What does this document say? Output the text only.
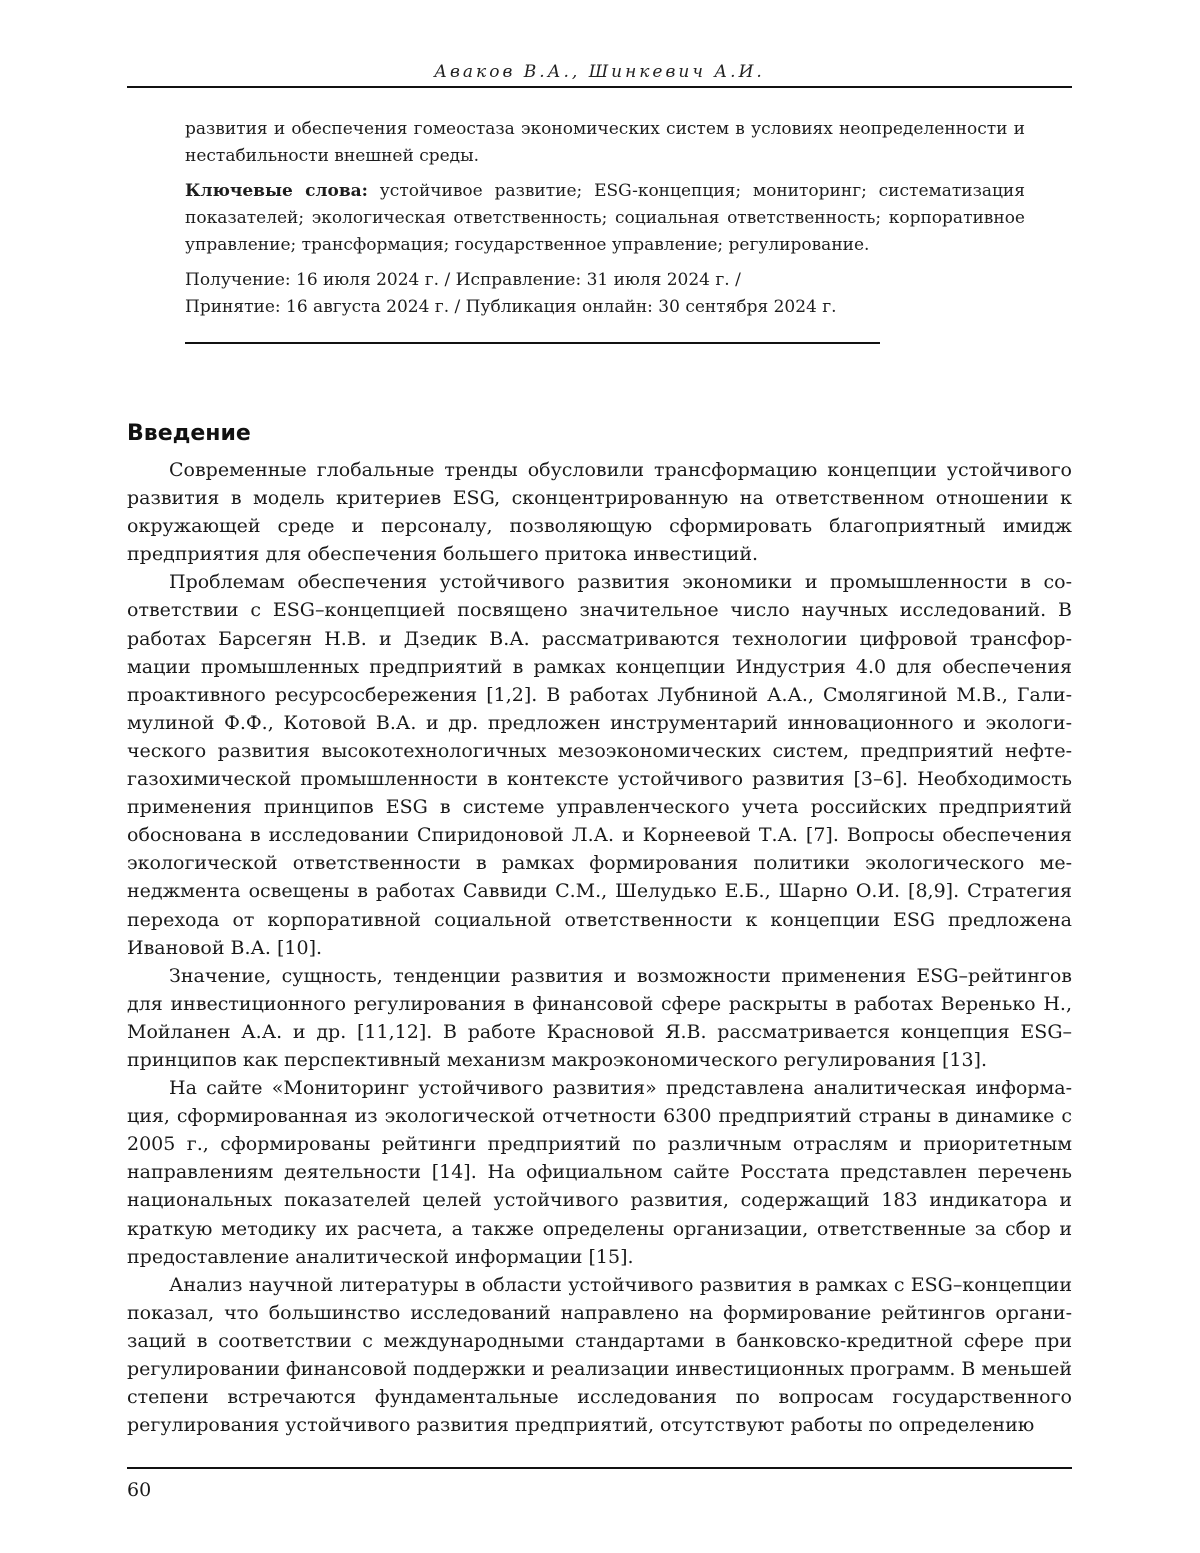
Аваков В.А., Шинкевич А.И.

развития и обеспечения гомеостаза экономических систем в условиях неопределенности и нестабильности внешней среды.

Ключевые слова: устойчивое развитие; ESG-концепция; мониторинг; систематизация показателей; экологическая ответственность; социальная ответственность; корпоративное управление; трансформация; государственное управление; регулирование.

Получение: 16 июля 2024 г. / Исправление: 31 июля 2024 г. /
Принятие: 16 августа 2024 г. / Публикация онлайн: 30 сентября 2024 г.

Введение

Современные глобальные тренды обусловили трансформацию концепции устойчивого развития в модель критериев ESG, сконцентрированную на ответственном отношении к окружающей среде и персоналу, позволяющую сформировать благоприятный имидж предприятия для обеспечения большего притока инвестиций.

Проблемам обеспечения устойчивого развития экономики и промышленности в соответствии с ESG–концепцией посвящено значительное число научных исследований. В работах Барсегян Н.В. и Дзедик В.А. рассматриваются технологии цифровой трансформации промышленных предприятий в рамках концепции Индустрия 4.0 для обеспечения проактивного ресурсосбережения [1,2]. В работах Лубниной А.А., Смолягиной М.В., Галимулиной Ф.Ф., Котовой В.А. и др. предложен инструментарий инновационного и экологического развития высокотехнологичных мезоэкономических систем, предприятий нефтегазохимической промышленности в контексте устойчивого развития [3–6]. Необходимость применения принципов ESG в системе управленческого учета российских предприятий обоснована в исследовании Спиридоновой Л.А. и Корнеевой Т.А. [7]. Вопросы обеспечения экологической ответственности в рамках формирования политики экологического менеджмента освещены в работах Саввиди С.М., Шелудько Е.Б., Шарно О.И. [8,9]. Стратегия перехода от корпоративной социальной ответственности к концепции ESG предложена Ивановой В.А. [10].

Значение, сущность, тенденции развития и возможности применения ESG–рейтингов для инвестиционного регулирования в финансовой сфере раскрыты в работах Веренько Н., Мойланен А.А. и др. [11,12]. В работе Красновой Я.В. рассматривается концепция ESG–принципов как перспективный механизм макроэкономического регулирования [13].

На сайте «Мониторинг устойчивого развития» представлена аналитическая информация, сформированная из экологической отчетности 6300 предприятий страны в динамике с 2005 г., сформированы рейтинги предприятий по различным отраслям и приоритетным направлениям деятельности [14]. На официальном сайте Росстата представлен перечень национальных показателей целей устойчивого развития, содержащий 183 индикатора и краткую методику их расчета, а также определены организации, ответственные за сбор и предоставление аналитической информации [15].

Анализ научной литературы в области устойчивого развития в рамках с ESG–концепции показал, что большинство исследований направлено на формирование рейтингов организаций в соответствии с международными стандартами в банковско-кредитной сфере при регулировании финансовой поддержки и реализации инвестиционных программ. В меньшей степени встречаются фундаментальные исследования по вопросам государственного регулирования устойчивого развития предприятий, отсутствуют работы по определению

60
